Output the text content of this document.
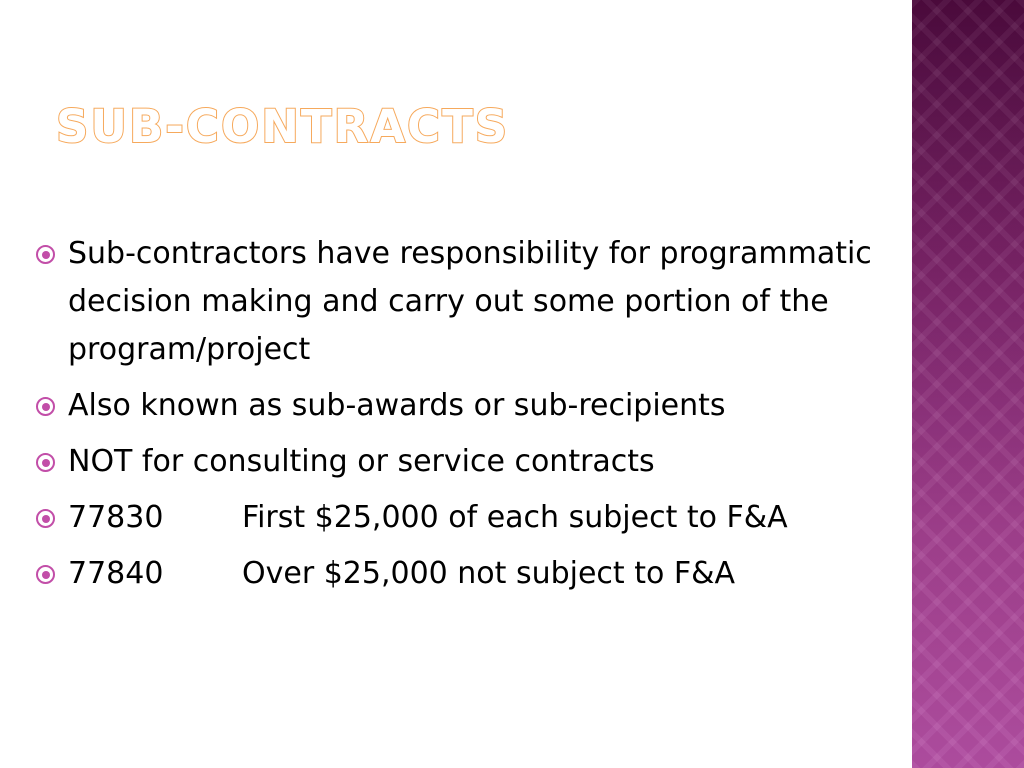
SUB-CONTRACTS
Sub-contractors have responsibility for programmatic decision making and carry out some portion of the program/project
Also known as sub-awards or sub-recipients
NOT for consulting or service contracts
77830	First $25,000 of each subject to F&A
77840	Over $25,000 not subject to F&A
